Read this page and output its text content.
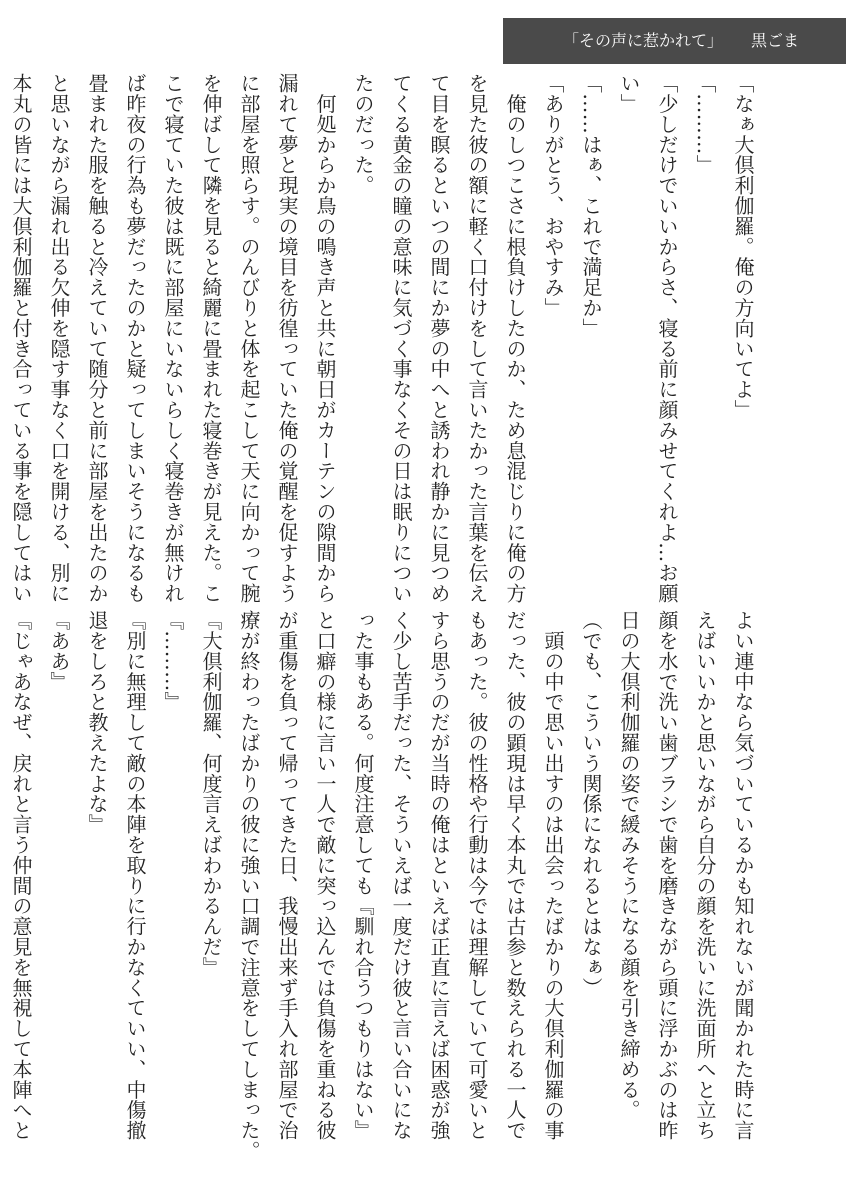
「その声に惹かれて」 黒ごま
「なぁ大倶利伽羅。俺の方向いてよ」
「………」
「少しだけでいいからさ、寝る前に顔みせてくれよ…お願
い」
「……はぁ、これで満足か」
「ありがとう、おやすみ」
　俺のしつこさに根負けしたのか、ため息混じりに俺の方
を見た彼の額に軽く口付けをして言いたかった言葉を伝え
て目を瞑るといつの間にか夢の中へと誘われ静かに見つめ
てくる黄金の瞳の意味に気づく事なくその日は眠りについ
たのだった。
　何処からか鳥の鳴き声と共に朝日がカーテンの隙間から
漏れて夢と現実の境目を彷徨っていた俺の覚醒を促すよう
に部屋を照らす。のんびりと体を起こして天に向かって腕
を伸ばして隣を見ると綺麗に畳まれた寝巻きが見えた。こ
こで寝ていた彼は既に部屋にいないらしく寝巻きが無けれ
ば昨夜の行為も夢だったのかと疑ってしまいそうになるも
畳まれた服を触ると冷えていて随分と前に部屋を出たのか
と思いながら漏れ出る欠伸を隠す事なく口を開ける、別に
本丸の皆には大倶利伽羅と付き合っている事を隠してはい
よい連中なら気づいているかも知れないが聞かれた時に言
えばいいかと思いながら自分の顔を洗いに洗面所へと立ち
顔を水で洗い歯ブラシで歯を磨きながら頭に浮かぶのは昨
日の大倶利伽羅の姿で緩みそうになる顔を引き締める。
（でも、こういう関係になれるとはなぁ）
　頭の中で思い出すのは出会ったばかりの大倶利伽羅の事
だった、彼の顕現は早く本丸では古参と数えられる一人で
もあった。彼の性格や行動は今では理解していて可愛いと
すら思うのだが当時の俺はといえば正直に言えば困惑が強
く少し苦手だった、そういえば一度だけ彼と言い合いにな
った事もある。何度注意しても『馴れ合うつもりはない』
と口癖の様に言い一人で敵に突っ込んでは負傷を重ねる彼
が重傷を負って帰ってきた日、我慢出来ず手入れ部屋で治
療が終わったばかりの彼に強い口調で注意をしてしまった。
『大倶利伽羅、何度言えばわかるんだ』
『………』
『別に無理して敵の本陣を取りに行かなくていい、中傷撤
退をしろと教えたよな』
『ああ』
『じゃあなぜ、戻れと言う仲間の意見を無視して本陣へと
